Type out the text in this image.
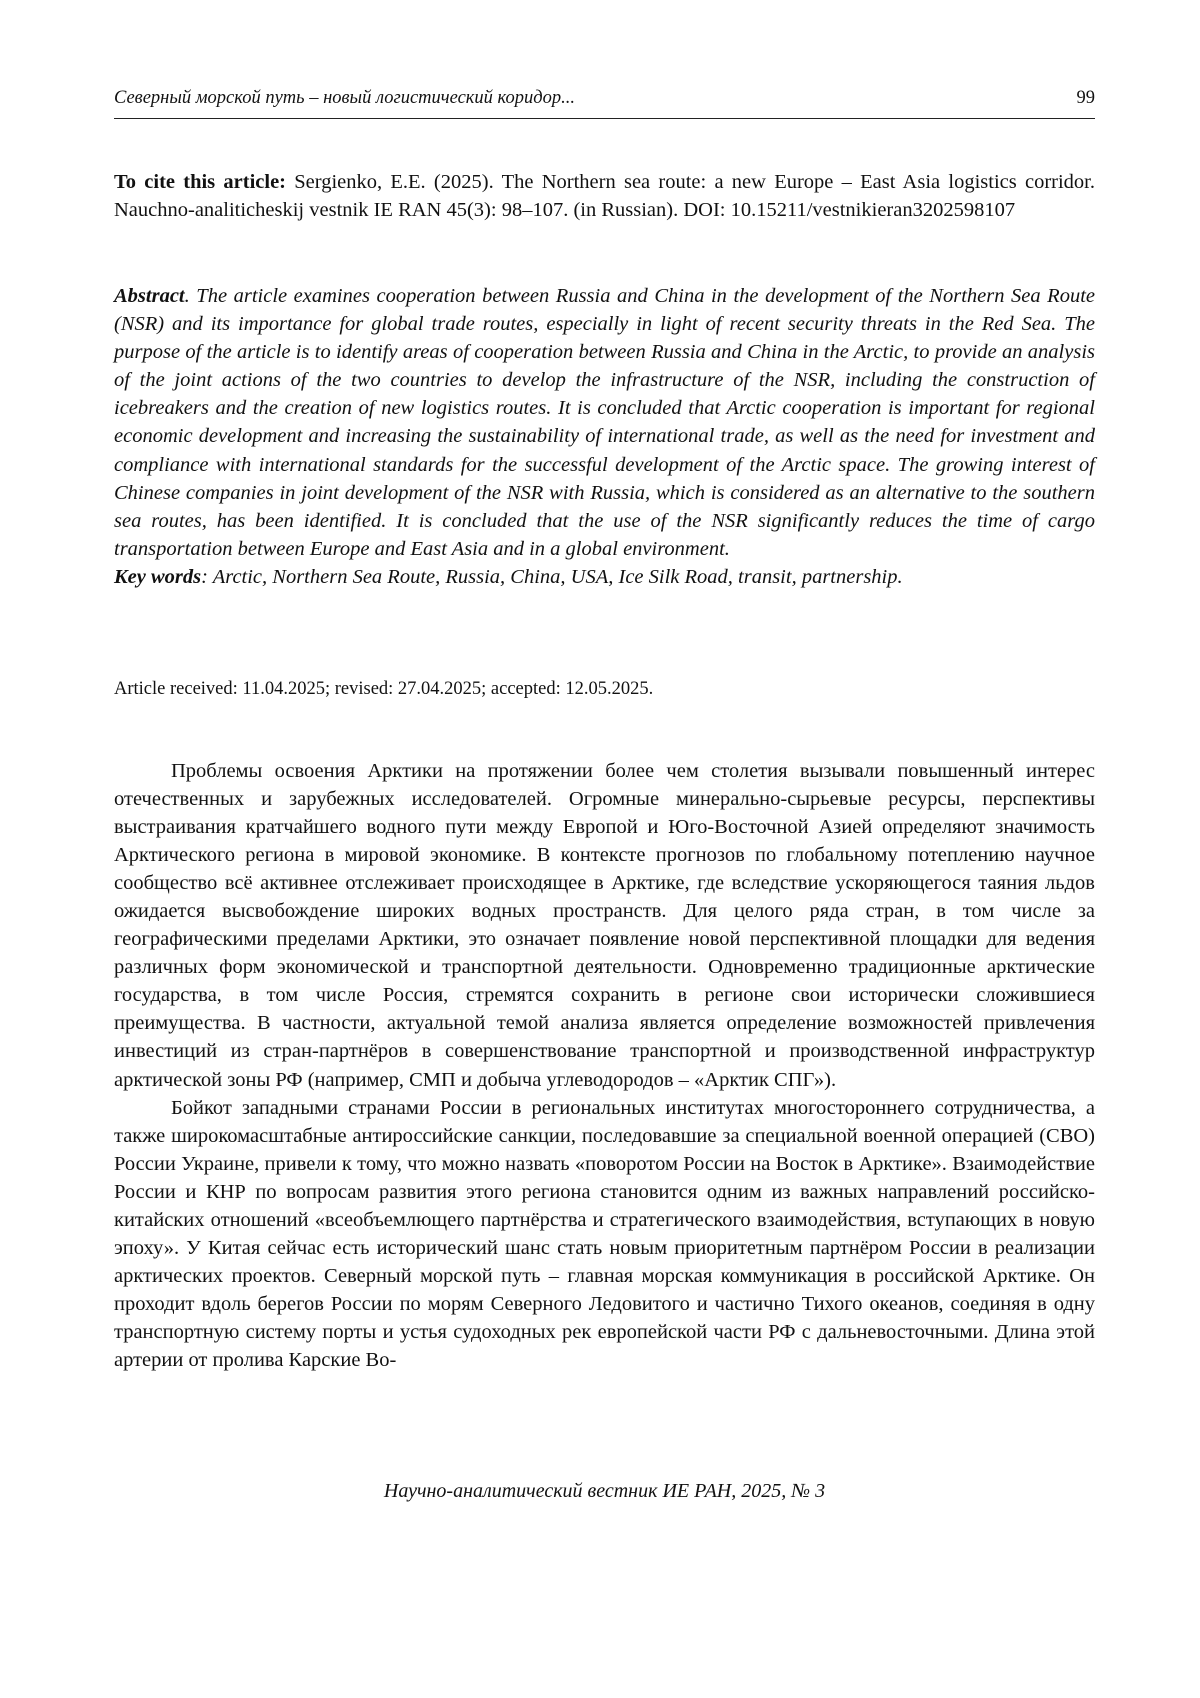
Северный морской путь – новый логистический коридор...	99
To cite this article: Sergienko, E.E. (2025). The Northern sea route: a new Europe – East Asia logistics corridor. Nauchno-analiticheskij vestnik IE RAN 45(3): 98–107. (in Russian). DOI: 10.15211/vestnikieran3202598107
Abstract. The article examines cooperation between Russia and China in the development of the Northern Sea Route (NSR) and its importance for global trade routes, especially in light of recent security threats in the Red Sea. The purpose of the article is to identify areas of cooperation between Russia and China in the Arctic, to provide an analysis of the joint actions of the two countries to develop the infrastructure of the NSR, including the construction of icebreakers and the creation of new logistics routes. It is concluded that Arctic cooperation is important for regional economic development and increasing the sustainability of international trade, as well as the need for investment and compliance with international standards for the successful development of the Arctic space. The growing interest of Chinese companies in joint development of the NSR with Russia, which is considered as an alternative to the southern sea routes, has been identified. It is concluded that the use of the NSR significantly reduces the time of cargo transportation between Europe and East Asia and in a global environment.
Key words: Arctic, Northern Sea Route, Russia, China, USA, Ice Silk Road, transit, partnership.
Article received: 11.04.2025; revised: 27.04.2025; accepted: 12.05.2025.

Проблемы освоения Арктики на протяжении более чем столетия вызывали повышенный интерес отечественных и зарубежных исследователей. Огромные минерально-сырьевые ресурсы, перспективы выстраивания кратчайшего водного пути между Европой и Юго-Восточной Азией определяют значимость Арктического региона в мировой экономике. В контексте прогнозов по глобальному потеплению научное сообщество всё активнее отслеживает происходящее в Арктике, где вследствие ускоряющегося таяния льдов ожидается высвобождение широких водных пространств. Для целого ряда стран, в том числе за географическими пределами Арктики, это означает появление новой перспективной площадки для ведения различных форм экономической и транспортной деятельности. Одновременно традиционные арктические государства, в том числе Россия, стремятся сохранить в регионе свои исторически сложившиеся преимущества. В частности, актуальной темой анализа является определение возможностей привлечения инвестиций из стран-партнёров в совершенствование транспортной и производственной инфраструктур арктической зоны РФ (например, СМП и добыча углеводородов – «Арктик СПГ»).

Бойкот западными странами России в региональных институтах многостороннего сотрудничества, а также широкомасштабные антироссийские санкции, последовавшие за специальной военной операцией (СВО) России Украине, привели к тому, что можно назвать «поворотом России на Восток в Арктике». Взаимодействие России и КНР по вопросам развития этого региона становится одним из важных направлений российско-китайских отношений «всеобъемлющего партнёрства и стратегического взаимодействия, вступающих в новую эпоху». У Китая сейчас есть исторический шанс стать новым приоритетным партнёром России в реализации арктических проектов. Северный морской путь – главная морская коммуникация в российской Арктике. Он проходит вдоль берегов России по морям Северного Ледовитого и частично Тихого океанов, соединяя в одну транспортную систему порты и устья судоходных рек европейской части РФ с дальневосточными. Длина этой артерии от пролива Карские Во-

Научно-аналитический вестник ИЕ РАН, 2025, № 3
